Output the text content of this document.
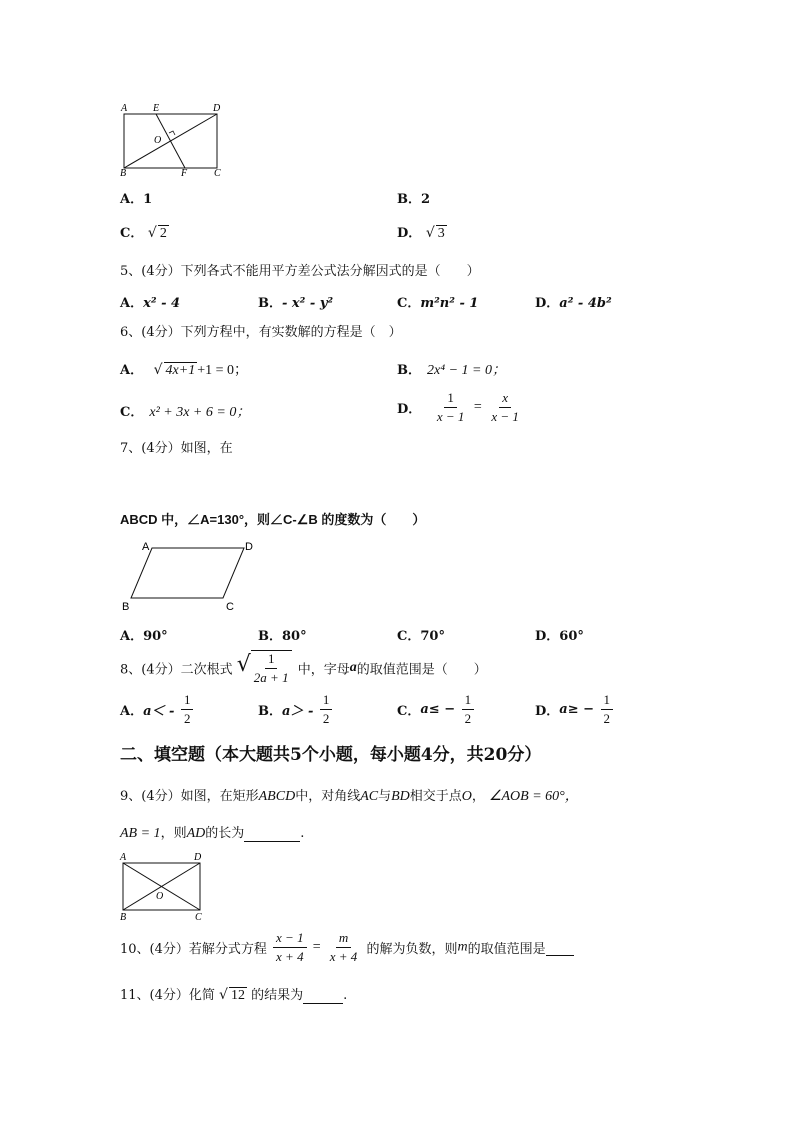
A	E	D
O
B	F	C
A．1	B．2
C． √ 2	D． √ 3
5、(4分）下列各式不能用平方差公式法分解因式的是（　　）
A．x² - 4	B．- x² - y²	C．m²n² - 1	D．a² - 4b²
6、(4分）下列方程中，有实数解的方程是（　）
A． √ 4x+1 +1 = 0；	B． 2x⁴ − 1 = 0；
C． x² + 3x + 6 = 0；	D． $\frac{1}{x - 1} = \frac{x}{x - 1}$
7、(4分）如图，在
ABCD 中，∠A=130°，则∠C-∠B 的度数为（　　）
A	D
B	C
A．90°	B．80°	C．70°	D．60°
8、(4分）二次根式 √ $\frac{1}{2a + 1}$ 中，字母a的取值范围是（　　）
A．$a< - \frac{1}{2}$	B．$a> - \frac{1}{2}$	C．$a\le - \frac{1}{2}$	D．$a\ge - \frac{1}{2}$
二、填空题（本大题共5个小题，每小题4分，共20分）
9、(4分）如图，在矩形ABCD中，对角线AC与BD相交于点O， ∠AOB = 60°，
AB = 1，则AD的长为	.
A	D
O
B	C
10、(4分）若解分式方程 $\frac{x - 1}{x + 4} = \frac{m}{x + 4}$ 的解为负数，则m的取值范围是
11、(4分）化简 √ 12 的结果为	.
